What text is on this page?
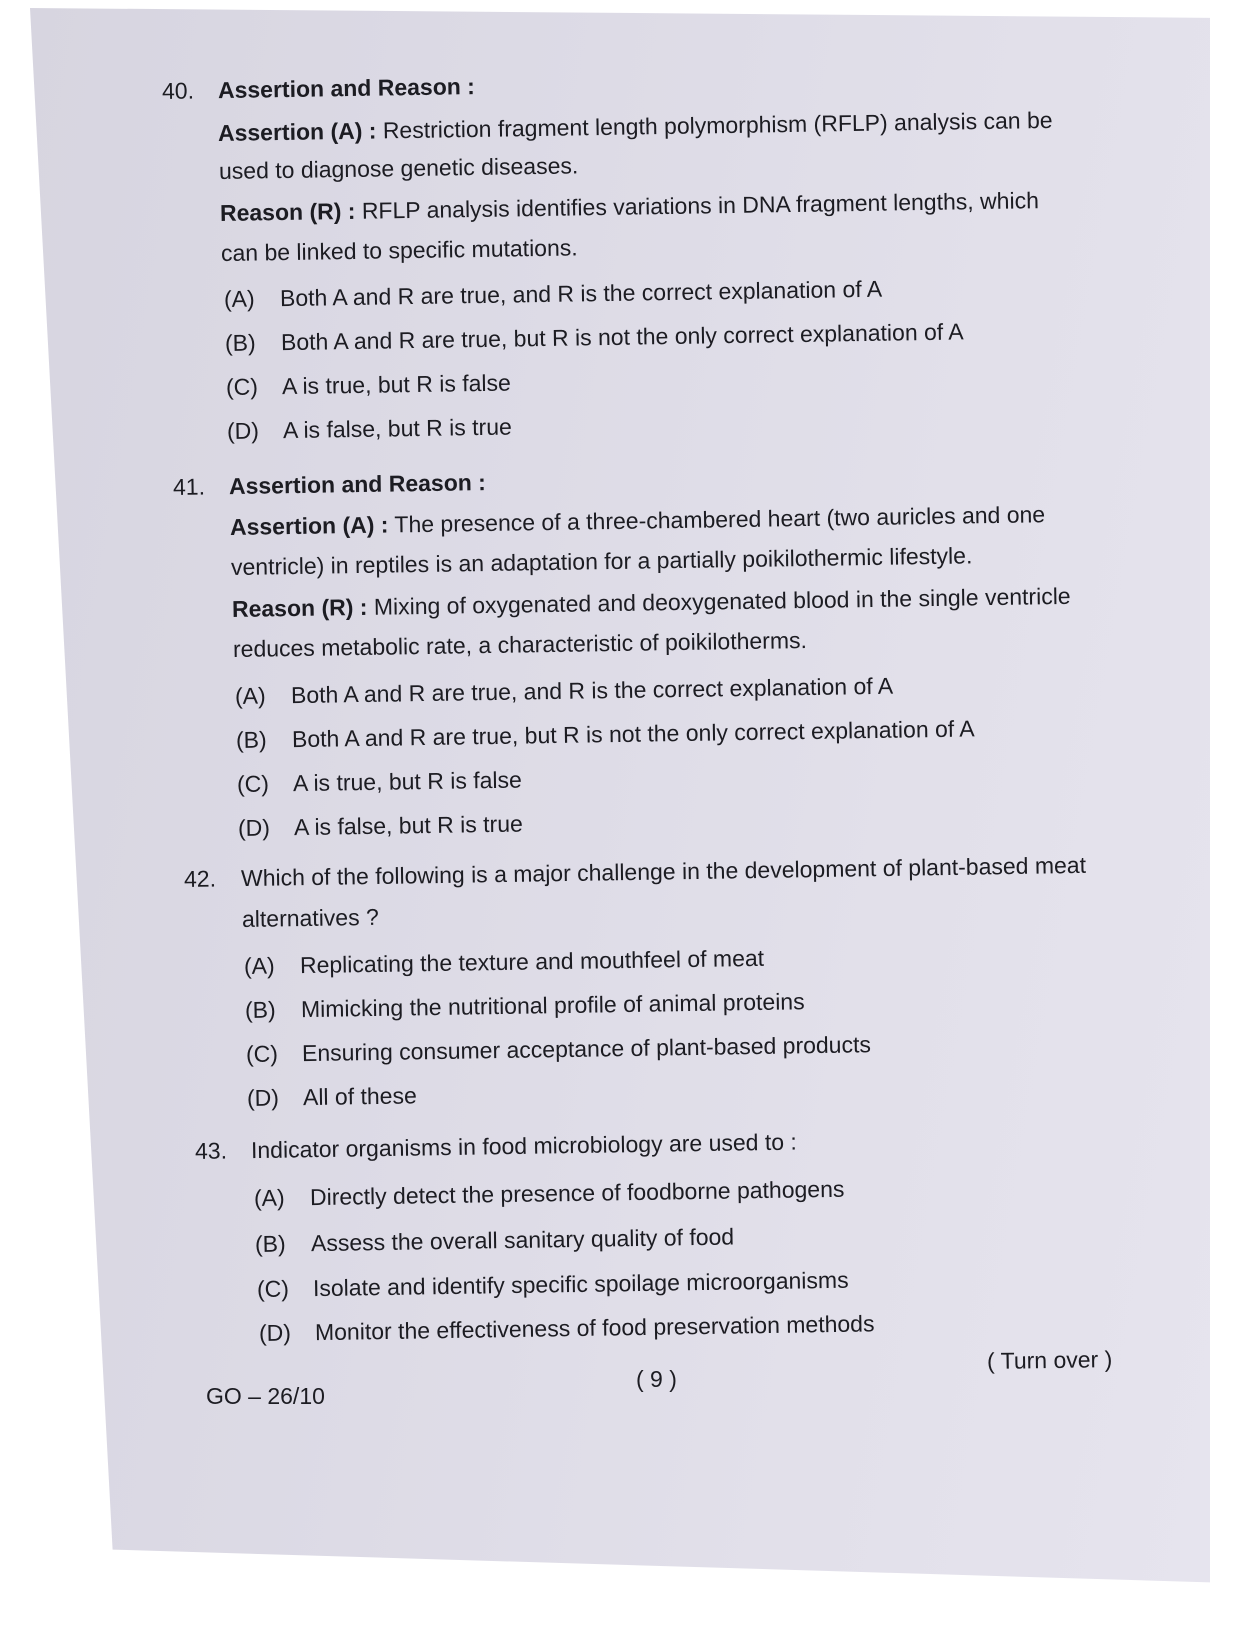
40. Assertion and Reason :
Assertion (A) : Restriction fragment length polymorphism (RFLP) analysis can be
used to diagnose genetic diseases.
Reason (R) : RFLP analysis identifies variations in DNA fragment lengths, which
can be linked to specific mutations.
(A) Both A and R are true, and R is the correct explanation of A
(B) Both A and R are true, but R is not the only correct explanation of A
(C) A is true, but R is false
(D) A is false, but R is true
41. Assertion and Reason :
Assertion (A) : The presence of a three-chambered heart (two auricles and one
ventricle) in reptiles is an adaptation for a partially poikilothermic lifestyle.
Reason (R) : Mixing of oxygenated and deoxygenated blood in the single ventricle
reduces metabolic rate, a characteristic of poikilotherms.
(A) Both A and R are true, and R is the correct explanation of A
(B) Both A and R are true, but R is not the only correct explanation of A
(C) A is true, but R is false
(D) A is false, but R is true
42. Which of the following is a major challenge in the development of plant-based meat
alternatives ?
(A) Replicating the texture and mouthfeel of meat
(B) Mimicking the nutritional profile of animal proteins
(C) Ensuring consumer acceptance of plant-based products
(D) All of these
43. Indicator organisms in food microbiology are used to :
(A) Directly detect the presence of foodborne pathogens
(B) Assess the overall sanitary quality of food
(C) Isolate and identify specific spoilage microorganisms
(D) Monitor the effectiveness of food preservation methods
GO – 26/10
( 9 )
( Turn over )
